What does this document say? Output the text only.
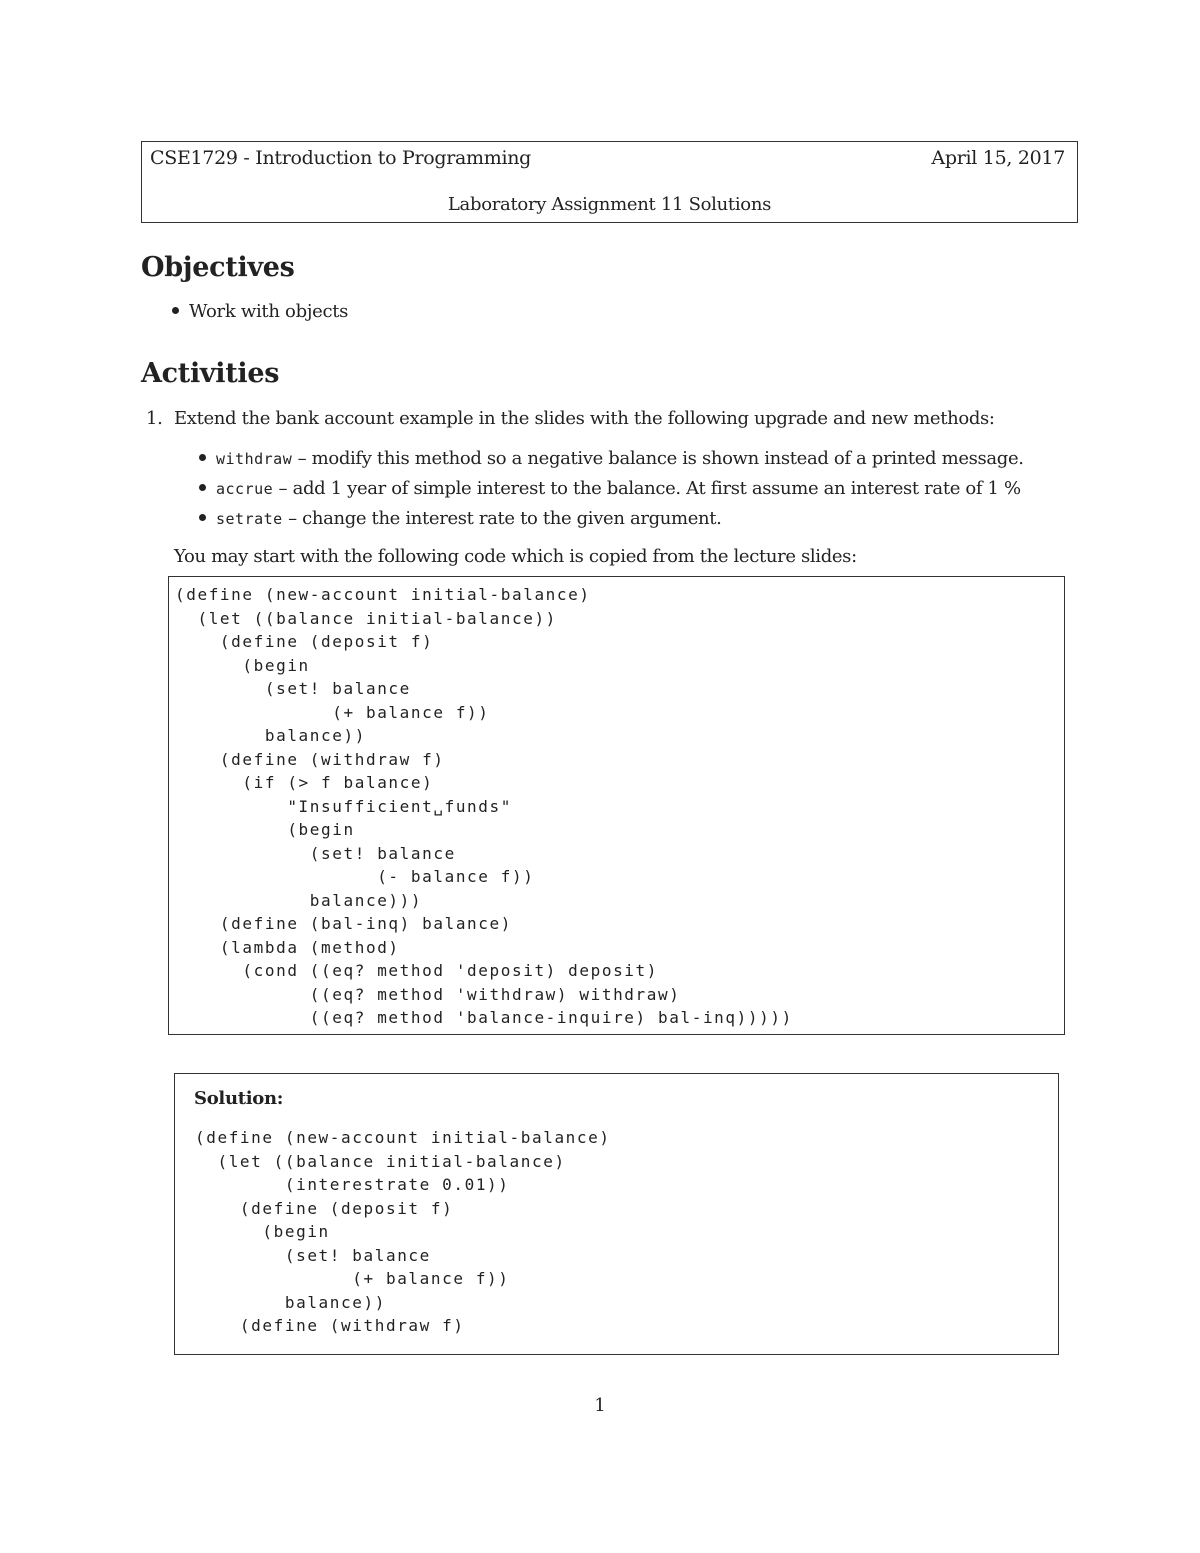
CSE1729 - Introduction to Programming	April 15, 2017
Laboratory Assignment 11 Solutions
Objectives
Work with objects
Activities
1. Extend the bank account example in the slides with the following upgrade and new methods:
withdraw – modify this method so a negative balance is shown instead of a printed message.
accrue – add 1 year of simple interest to the balance. At first assume an interest rate of 1 %
setrate – change the interest rate to the given argument.
You may start with the following code which is copied from the lecture slides:
(define (new-account initial-balance)
(let ((balance initial-balance))
(define (deposit f)
(begin
(set! balance
(+ balance f))
balance))
(define (withdraw f)
(if (> f balance)
"Insufficient␣funds"
(begin
(set! balance
(- balance f))
balance)))
(define (bal-inq) balance)
(lambda (method)
(cond ((eq? method 'deposit) deposit)
((eq? method 'withdraw) withdraw)
((eq? method 'balance-inquire) bal-inq)))))
Solution:
(define (new-account initial-balance)
(let ((balance initial-balance)
(interestrate 0.01))
(define (deposit f)
(begin
(set! balance
(+ balance f))
balance))
(define (withdraw f)
1
